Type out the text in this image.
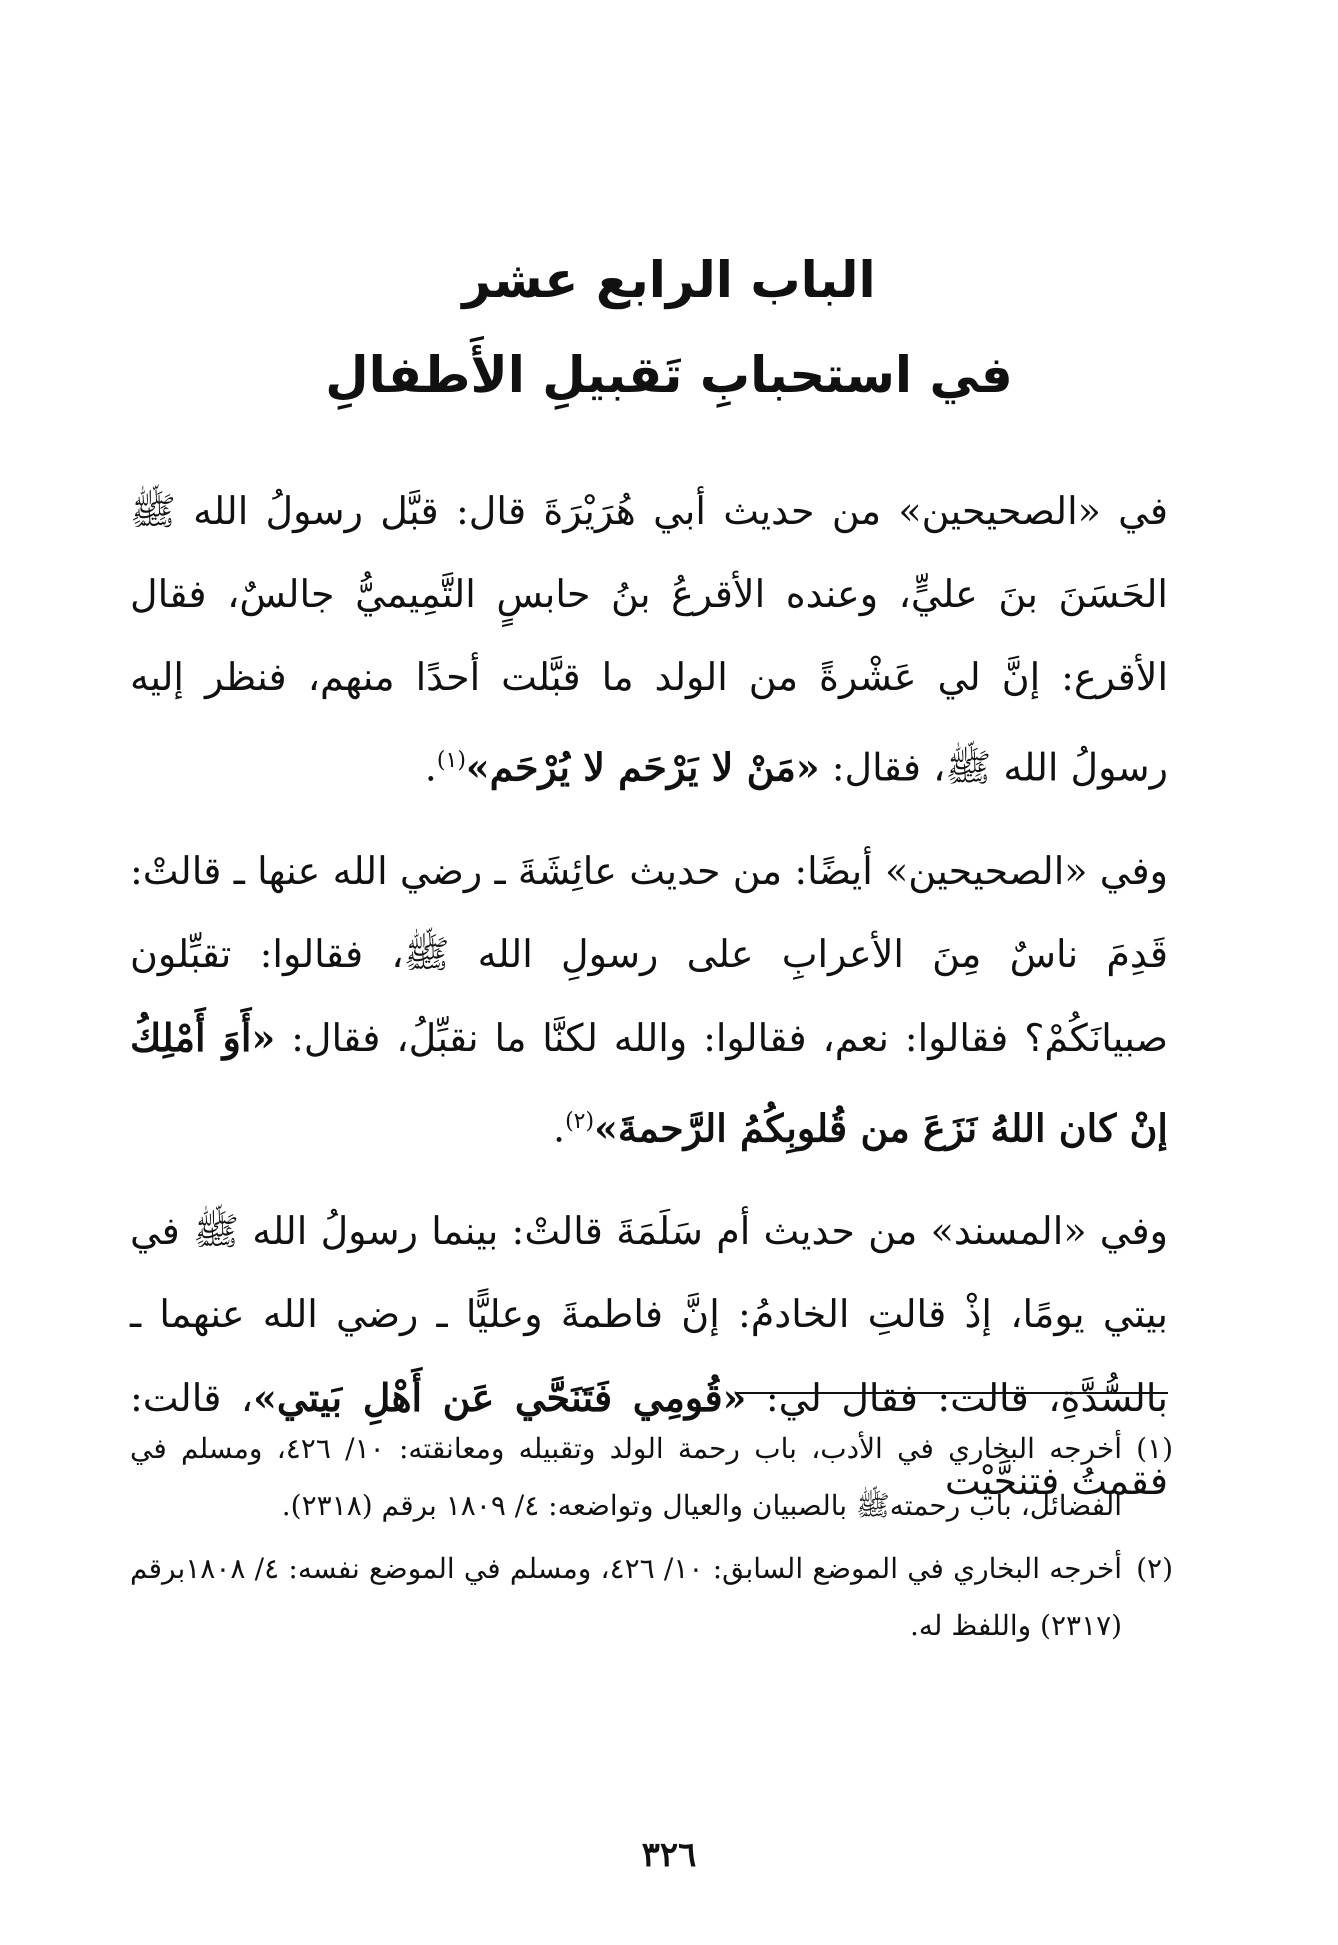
الباب الرابع عشر
في استحبابِ تَقبيلِ الأَطفالِ

في «الصحيحين» من حديث أبي هُرَيْرَةَ قال: قبَّل رسولُ الله ﷺ الحَسَنَ بنَ عليٍّ، وعنده الأقرعُ بنُ حابسٍ التَّمِيميُّ جالسٌ، فقال الأقرع: إنَّ لي عَشْرةً من الولد ما قبَّلت أحدًا منهم، فنظر إليه رسولُ الله ﷺ، فقال: «مَنْ لا يَرْحَم لا يُرْحَم»$^{(١)}$.

وفي «الصحيحين» أيضًا: من حديث عائِشَةَ ـ رضي الله عنها ـ قالتْ: قَدِمَ ناسٌ مِنَ الأعرابِ على رسولِ الله ﷺ، فقالوا: تقبِّلون صبيانَكُمْ؟ فقالوا: نعم، فقالوا: والله لكنَّا ما نقبِّلُ، فقال: «أَوَ أَمْلِكُ إنْ كان اللهُ نَزَعَ من قُلوبِكُمُ الرَّحمةَ»$^{(٢)}$.

وفي «المسند» من حديث أم سَلَمَةَ قالتْ: بينما رسولُ الله ﷺ في بيتي يومًا، إذْ قالتِ الخادمُ: إنَّ فاطمةَ وعليًّا ـ رضي الله عنهما ـ بالسُّدَّةِ، قالت: فقال لي: «قُومِي فَتَنَحَّي عَن أَهْلِ بَيتي»، قالت: فقمتُ فتنحَّيْت

(١)
أخرجه البخاري في الأدب، باب رحمة الولد وتقبيله ومعانقته: ١٠/ ٤٢٦، ومسلم في الفضائل، باب رحمتهﷺ بالصبيان والعيال وتواضعه: ٤/ ١٨٠٩ برقم (٢٣١٨).
(٢)
أخرجه البخاري في الموضع السابق: ١٠/ ٤٢٦، ومسلم في الموضع نفسه: ٤/ ١٨٠٨برقم (٢٣١٧) واللفظ له.
٣٢٦
